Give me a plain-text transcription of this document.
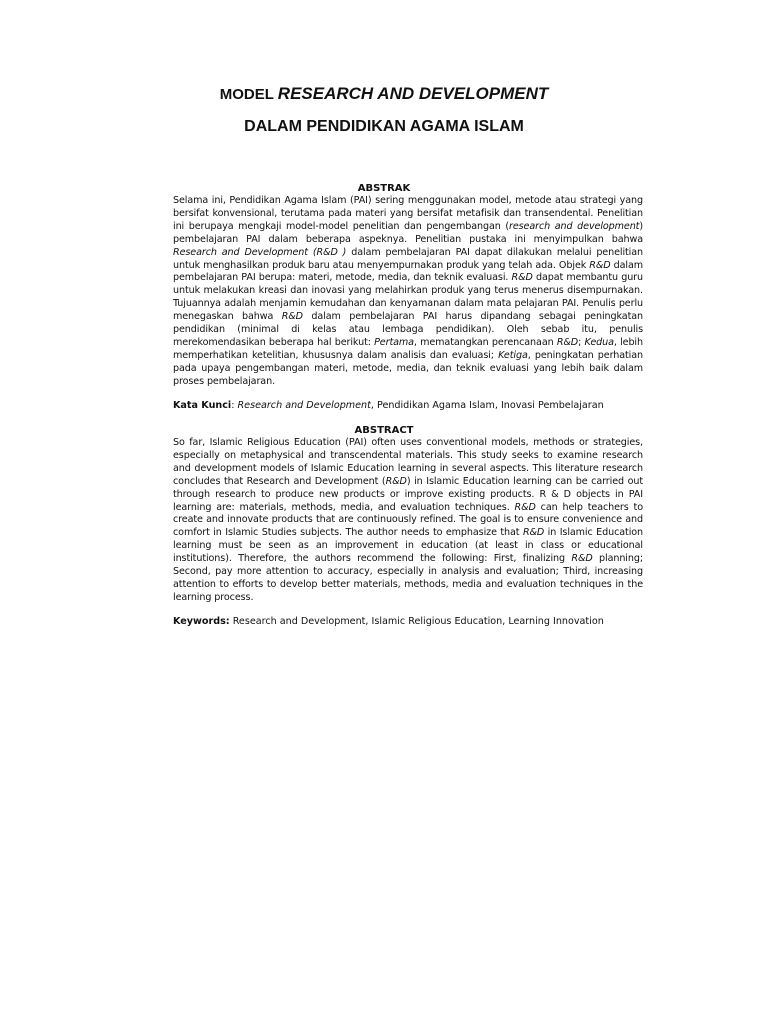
MODEL RESEARCH AND DEVELOPMENT
DALAM PENDIDIKAN AGAMA ISLAM
ABSTRAK

Selama ini, Pendidikan Agama Islam (PAI) sering menggunakan model, metode atau strategi yang bersifat konvensional, terutama pada materi yang bersifat metafisik dan transendental. Penelitian ini berupaya mengkaji model-model penelitian dan pengembangan (research and development) pembelajaran PAI dalam beberapa aspeknya. Penelitian pustaka ini menyimpulkan bahwa Research and Development (R&D ) dalam pembelajaran PAI dapat dilakukan melalui penelitian untuk menghasilkan produk baru atau menyempurnakan produk yang telah ada. Objek R&D dalam pembelajaran PAI berupa: materi, metode, media, dan teknik evaluasi. R&D dapat membantu guru untuk melakukan kreasi dan inovasi yang melahirkan produk yang terus menerus disempurnakan. Tujuannya adalah menjamin kemudahan dan kenyamanan dalam mata pelajaran PAI. Penulis perlu menegaskan bahwa R&D dalam pembelajaran PAI harus dipandang sebagai peningkatan pendidikan (minimal di kelas atau lembaga pendidikan). Oleh sebab itu, penulis merekomendasikan beberapa hal berikut: Pertama, mematangkan perencanaan R&D; Kedua, lebih memperhatikan ketelitian, khususnya dalam analisis dan evaluasi; Ketiga, peningkatan perhatian pada upaya pengembangan materi, metode, media, dan teknik evaluasi yang lebih baik dalam proses pembelajaran.

Kata Kunci: Research and Development, Pendidikan Agama Islam, Inovasi Pembelajaran

ABSTRACT

So far, Islamic Religious Education (PAI) often uses conventional models, methods or strategies, especially on metaphysical and transcendental materials. This study seeks to examine research and development models of Islamic Education learning in several aspects. This literature research concludes that Research and Development (R&D) in Islamic Education learning can be carried out through research to produce new products or improve existing products. R & D objects in PAI learning are: materials, methods, media, and evaluation techniques. R&D can help teachers to create and innovate products that are continuously refined. The goal is to ensure convenience and comfort in Islamic Studies subjects. The author needs to emphasize that R&D in Islamic Education learning must be seen as an improvement in education (at least in class or educational institutions). Therefore, the authors recommend the following: First, finalizing R&D planning; Second, pay more attention to accuracy, especially in analysis and evaluation; Third, increasing attention to efforts to develop better materials, methods, media and evaluation techniques in the learning process.

Keywords: Research and Development, Islamic Religious Education, Learning Innovation
